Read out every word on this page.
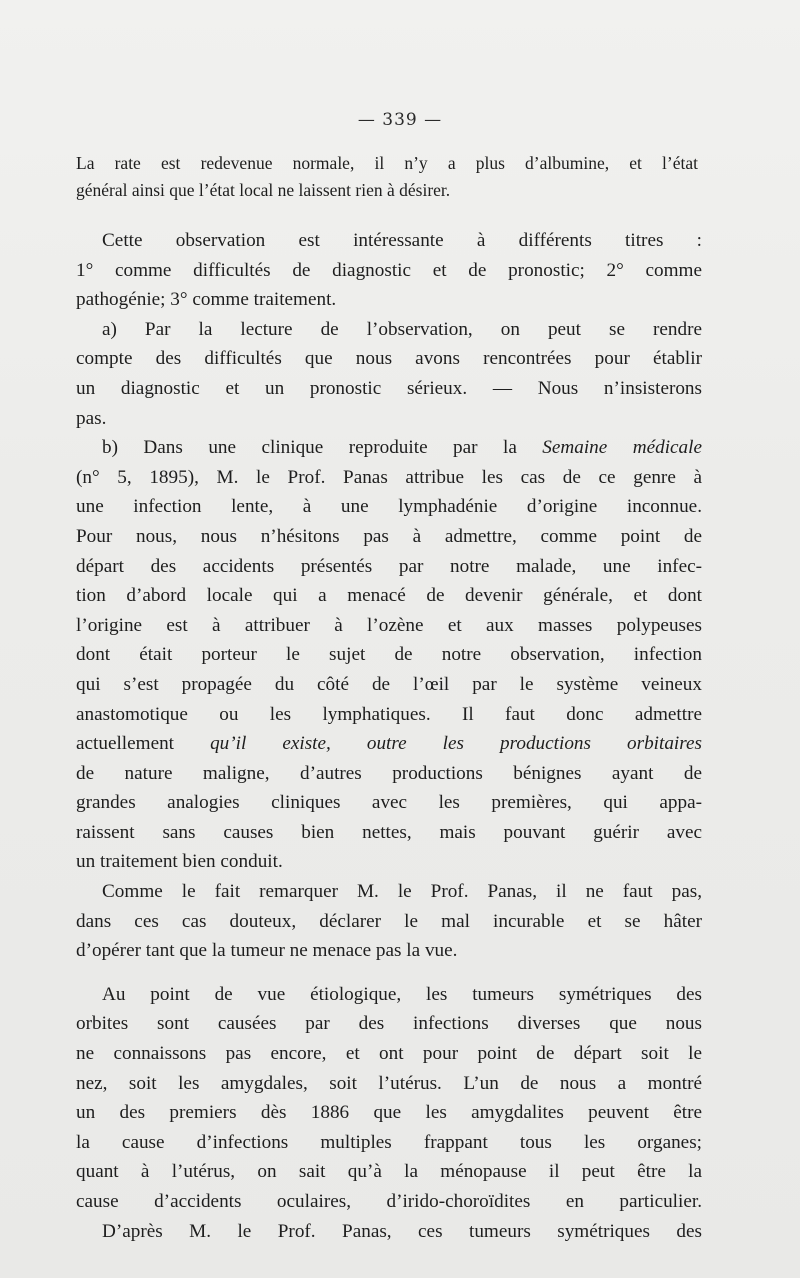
— 339 —
La rate est redevenue normale, il n’y a plus d’albumine, et l’état
général ainsi que l’état local ne laissent rien à désirer.
Cette observation est intéressante à différents titres :
1° comme difficultés de diagnostic et de pronostic; 2° comme
pathogénie; 3° comme traitement.
a) Par la lecture de l’observation, on peut se rendre
compte des difficultés que nous avons rencontrées pour établir
un diagnostic et un pronostic sérieux. — Nous n’insisterons
pas.
b) Dans une clinique reproduite par la Semaine médicale
(n° 5, 1895), M. le Prof. Panas attribue les cas de ce genre à
une infection lente, à une lymphadénie d’origine inconnue.
Pour nous, nous n’hésitons pas à admettre, comme point de
départ des accidents présentés par notre malade, une infec-
tion d’abord locale qui a menacé de devenir générale, et dont
l’origine est à attribuer à l’ozène et aux masses polypeuses
dont était porteur le sujet de notre observation, infection
qui s’est propagée du côté de l’œil par le système veineux
anastomotique ou les lymphatiques. Il faut donc admettre
actuellement qu’il existe, outre les productions orbitaires
de nature maligne, d’autres productions bénignes ayant de
grandes analogies cliniques avec les premières, qui appa-
raissent sans causes bien nettes, mais pouvant guérir avec
un traitement bien conduit.
Comme le fait remarquer M. le Prof. Panas, il ne faut pas,
dans ces cas douteux, déclarer le mal incurable et se hâter
d’opérer tant que la tumeur ne menace pas la vue.
Au point de vue étiologique, les tumeurs symétriques des
orbites sont causées par des infections diverses que nous
ne connaissons pas encore, et ont pour point de départ soit le
nez, soit les amygdales, soit l’utérus. L’un de nous a montré
un des premiers dès 1886 que les amygdalites peuvent être
la cause d’infections multiples frappant tous les organes;
quant à l’utérus, on sait qu’à la ménopause il peut être la
cause d’accidents oculaires, d’irido-choroïdites en particulier.
D’après M. le Prof. Panas, ces tumeurs symétriques des
